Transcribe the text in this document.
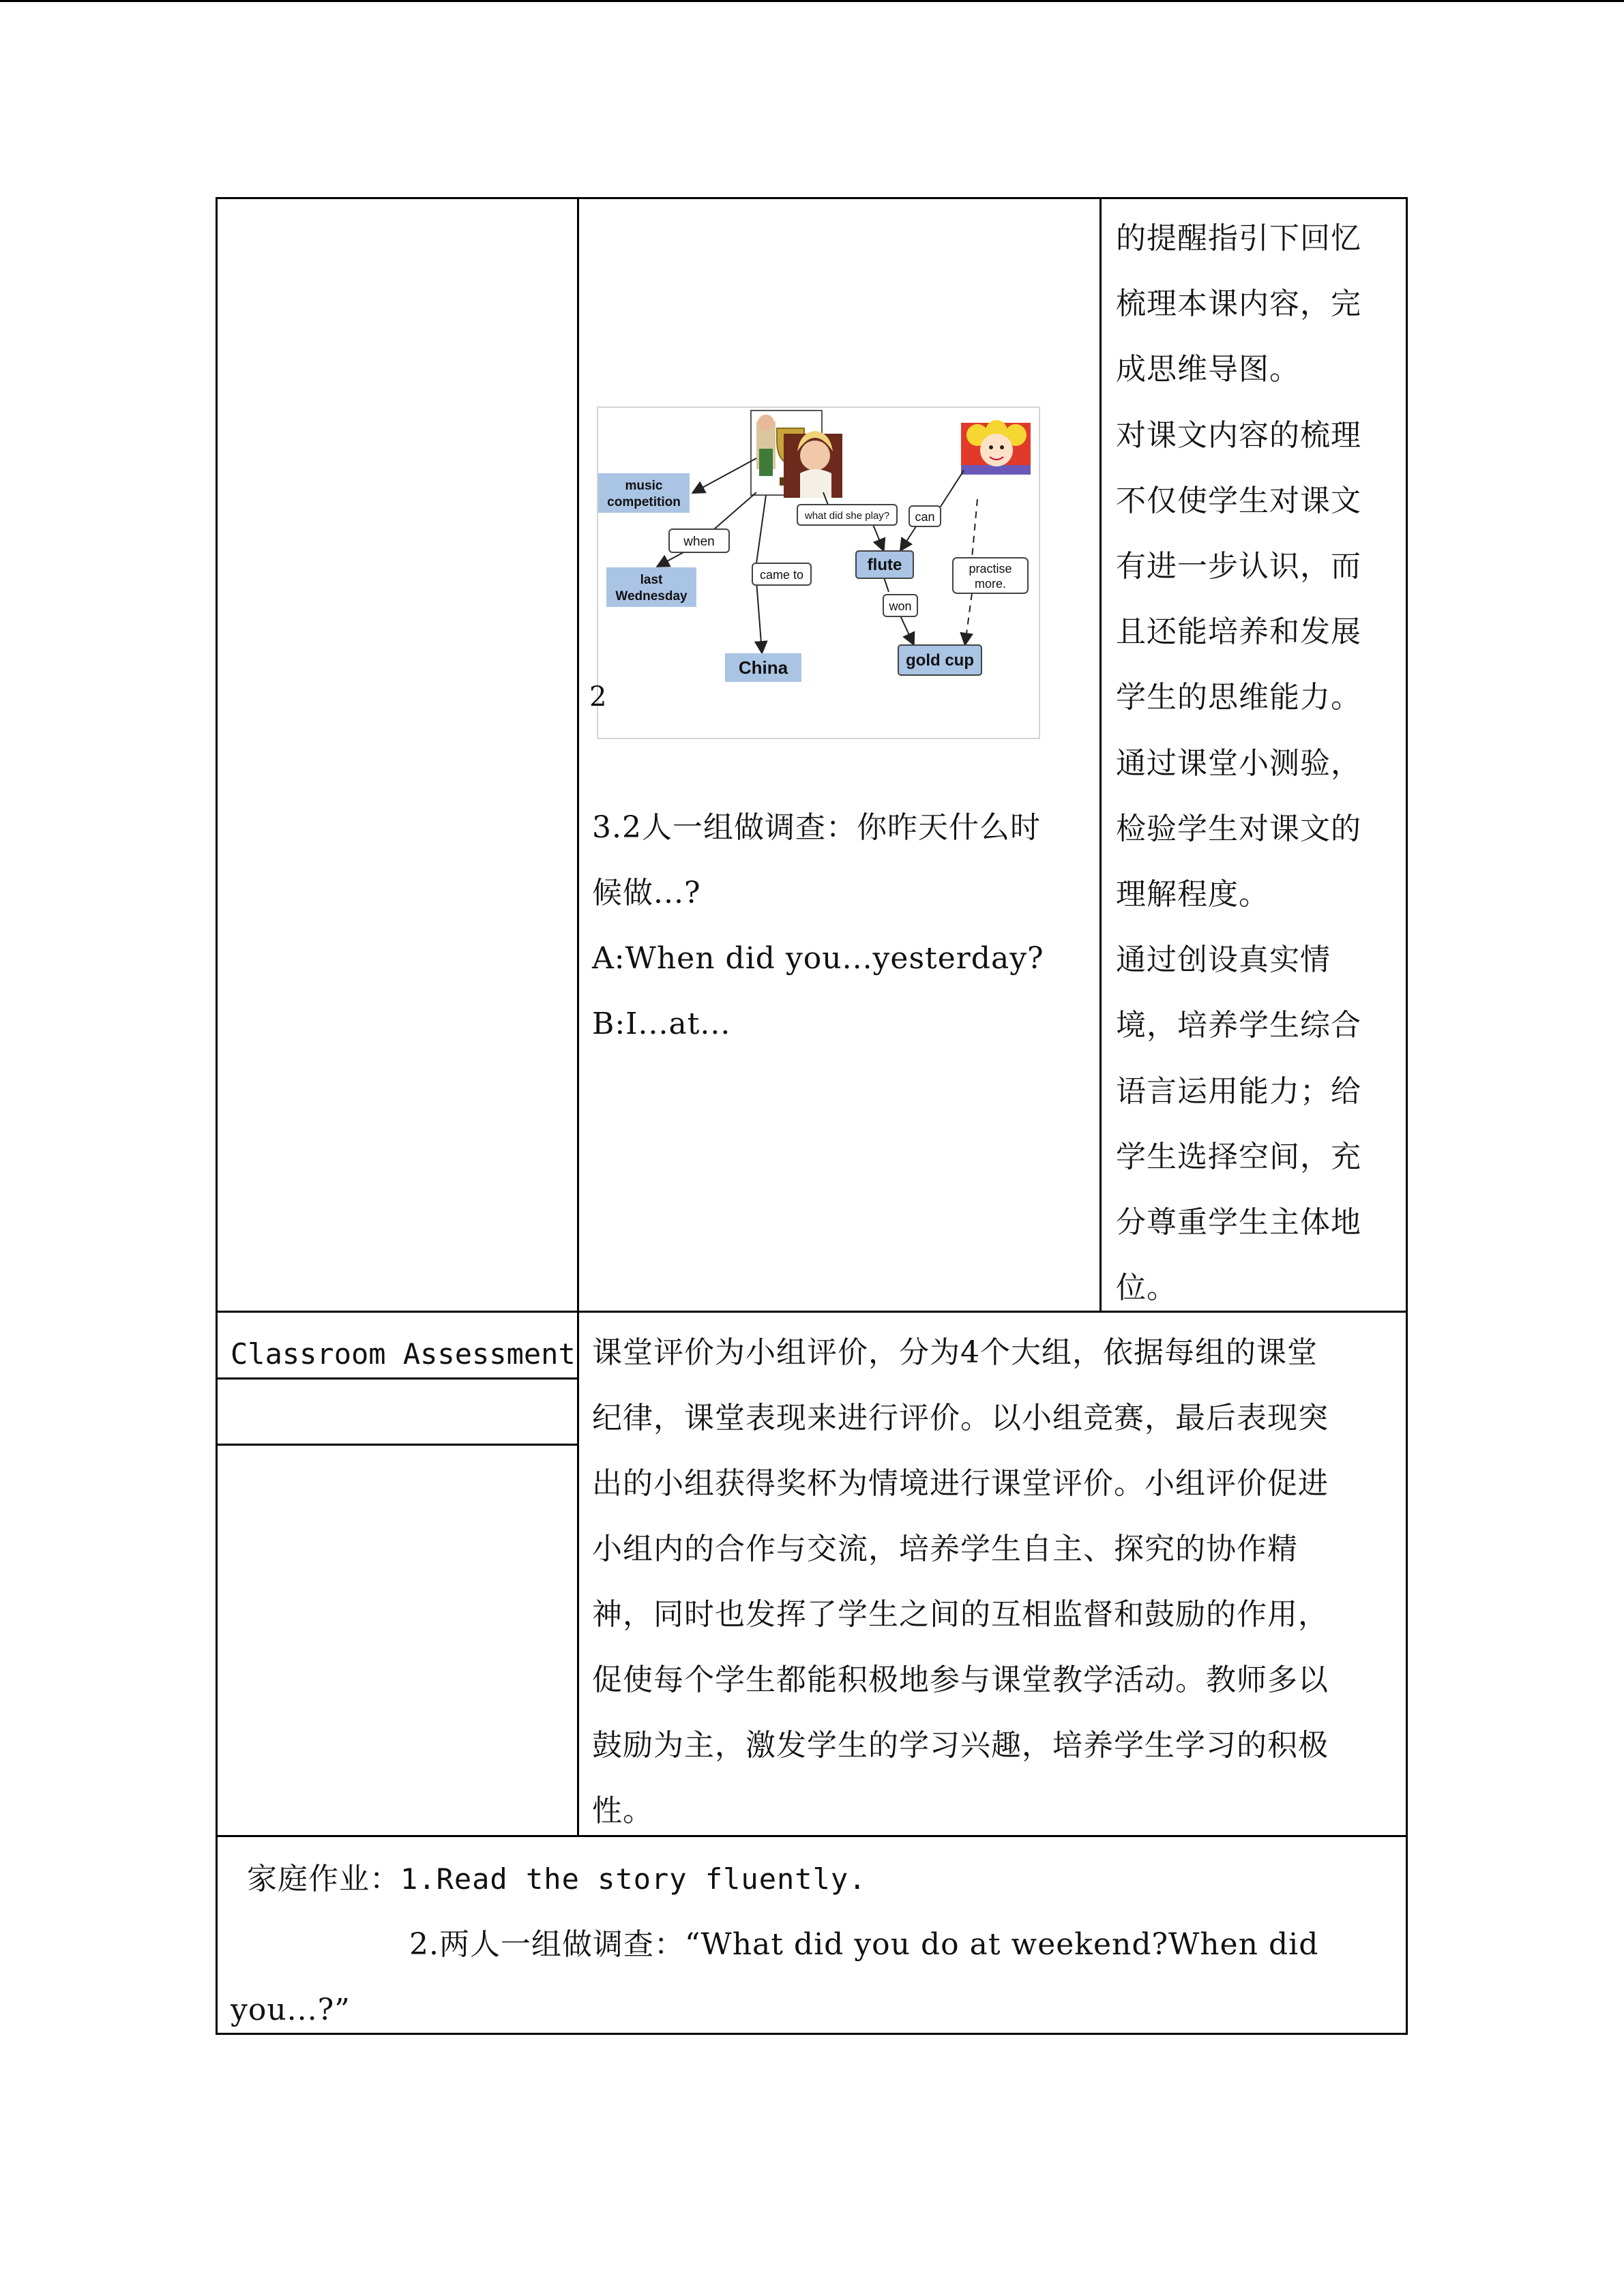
music
competition
last
Wednesday
China
flute
gold cup
when
came to
what did she play? can
won
practise
more.
2
3.2人一组做调查：你昨天什么时
候做...?
A:When did you...yesterday?
B:I...at...
的提醒指引下回忆
梳理本课内容，完
成思维导图。
对课文内容的梳理
不仅使学生对课文
有进一步认识，而
且还能培养和发展
学生的思维能力。
通过课堂小测验，
检验学生对课文的
理解程度。
通过创设真实情
境，培养学生综合
语言运用能力；给
学生选择空间，充
分尊重学生主体地
位。
Classroom Assessment 课堂评价为小组评价，分为4个大组，依据每组的课堂
纪律，课堂表现来进行评价。以小组竞赛，最后表现突
出的小组获得奖杯为情境进行课堂评价。小组评价促进
小组内的合作与交流，培养学生自主、探究的协作精
神，同时也发挥了学生之间的互相监督和鼓励的作用，
促使每个学生都能积极地参与课堂教学活动。教师多以
鼓励为主，激发学生的学习兴趣，培养学生学习的积极
性。
家庭作业：1.Read the story fluently.
2.两人一组做调查：“What did you do at weekend?When did
you...?”
